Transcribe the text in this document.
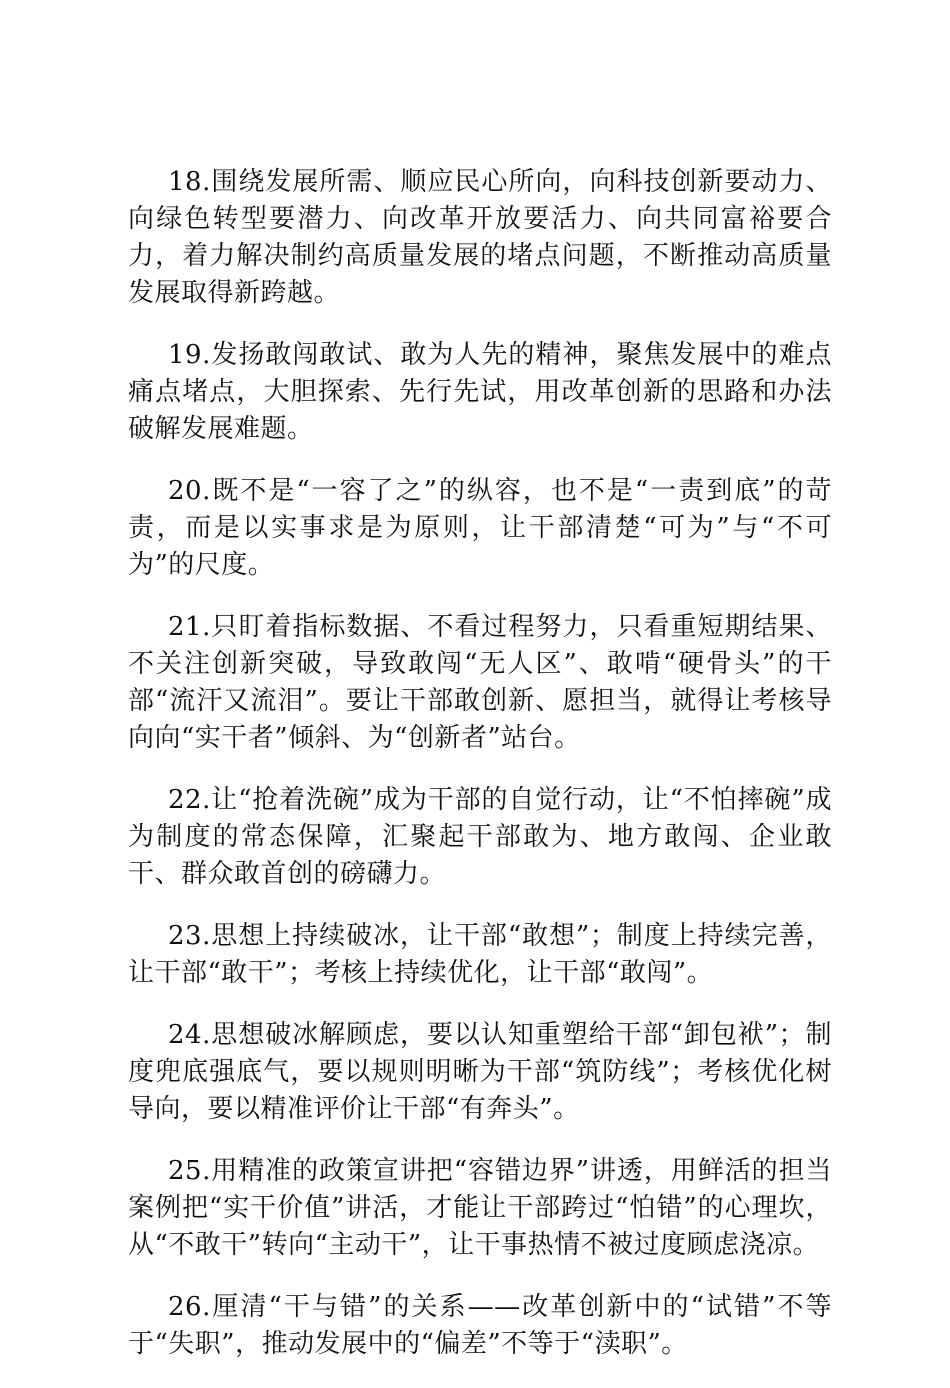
18.围绕发展所需、顺应民心所向，向科技创新要动力、向绿色转型要潜力、向改革开放要活力、向共同富裕要合力，着力解决制约高质量发展的堵点问题，不断推动高质量发展取得新跨越。

19.发扬敢闯敢试、敢为人先的精神，聚焦发展中的难点痛点堵点，大胆探索、先行先试，用改革创新的思路和办法破解发展难题。

20.既不是“一容了之”的纵容，也不是“一责到底”的苛责，而是以实事求是为原则，让干部清楚“可为”与“不可为”的尺度。

21.只盯着指标数据、不看过程努力，只看重短期结果、不关注创新突破，导致敢闯“无人区”、敢啃“硬骨头”的干部“流汗又流泪”。要让干部敢创新、愿担当，就得让考核导向向“实干者”倾斜、为“创新者”站台。

22.让“抢着洗碗”成为干部的自觉行动，让“不怕摔碗”成为制度的常态保障，汇聚起干部敢为、地方敢闯、企业敢干、群众敢首创的磅礴力。

23.思想上持续破冰，让干部“敢想”；制度上持续完善，让干部“敢干”；考核上持续优化，让干部“敢闯”。

24.思想破冰解顾虑，要以认知重塑给干部“卸包袱”；制度兜底强底气，要以规则明晰为干部“筑防线”；考核优化树导向，要以精准评价让干部“有奔头”。

25.用精准的政策宣讲把“容错边界”讲透，用鲜活的担当案例把“实干价值”讲活，才能让干部跨过“怕错”的心理坎，从“不敢干”转向“主动干”，让干事热情不被过度顾虑浇凉。

26.厘清“干与错”的关系——改革创新中的“试错”不等于“失职”，推动发展中的“偏差”不等于“渎职”。
